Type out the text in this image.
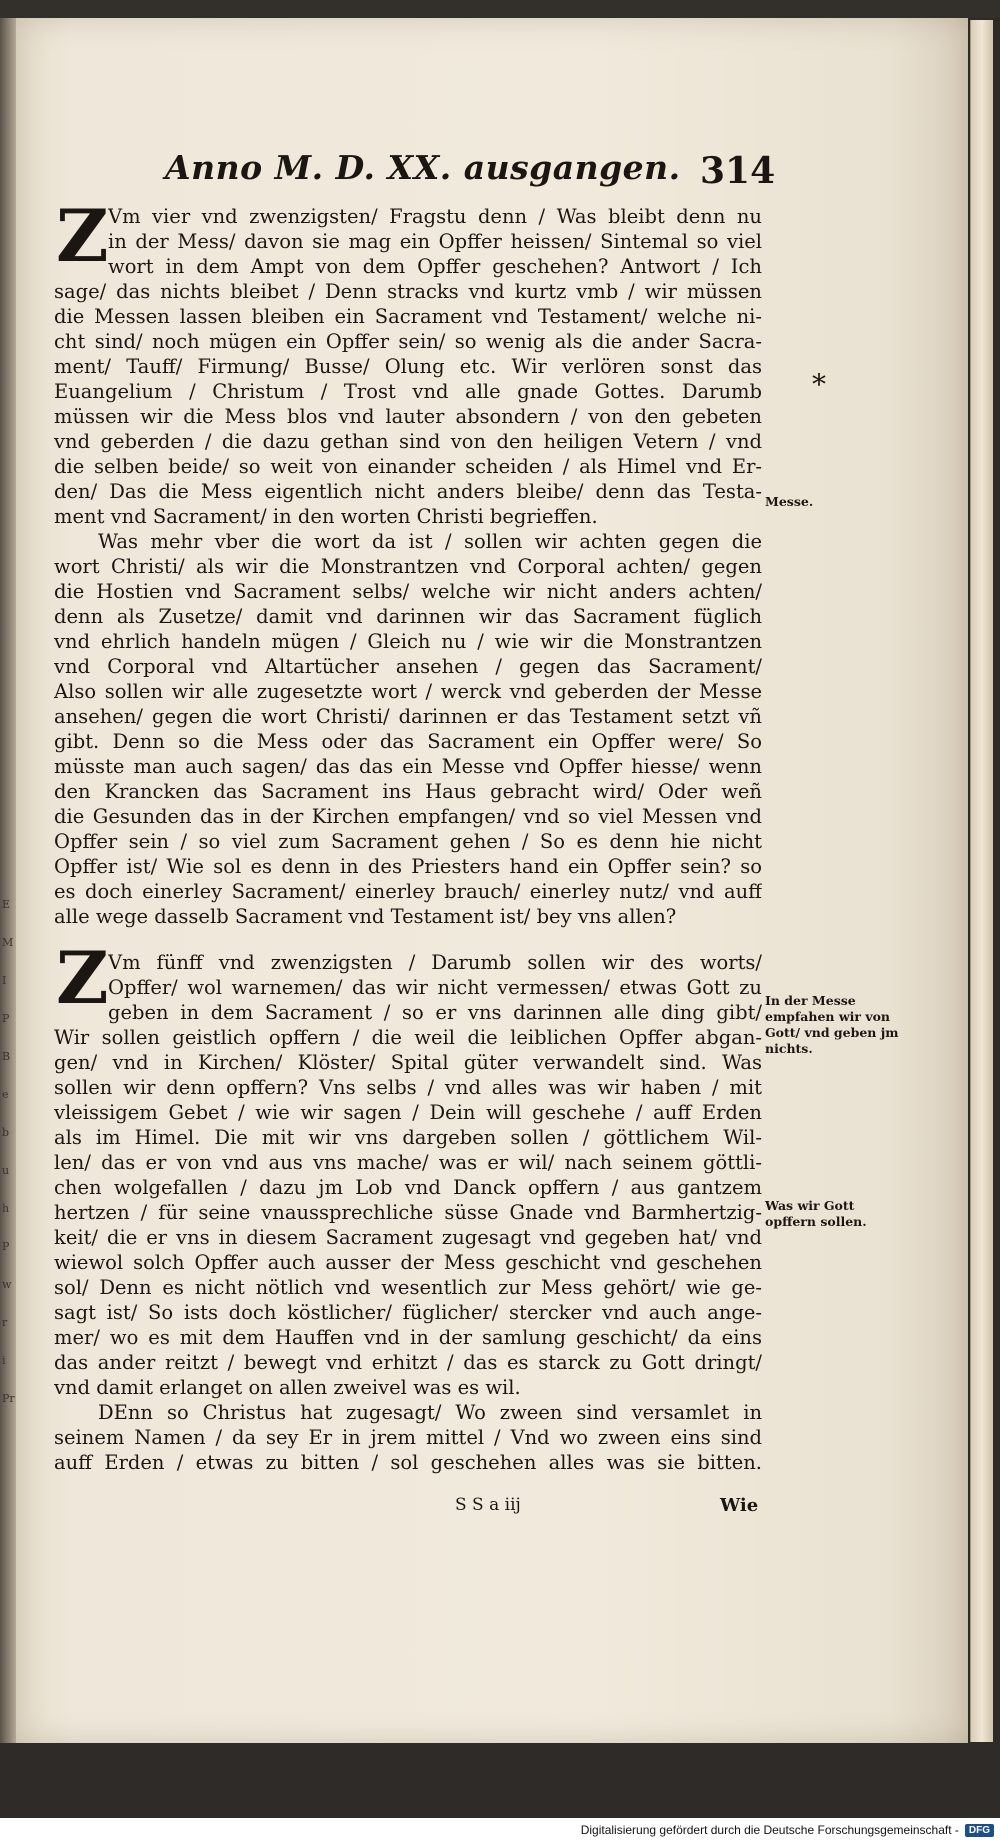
E
M
I
P
B
e
b
u
h
P
w
r
i
Pr
Anno M. D. XX. ausgangen. 314
Z Vm vier vnd zwenzigsten/ Fragstu denn / Was bleibt denn nu
in der Mess/ davon sie mag ein Opffer heissen/ Sintemal so viel
wort in dem Ampt von dem Opffer geschehen? Antwort / Ich
sage/ das nichts bleibet / Denn stracks vnd kurtz vmb / wir müssen
die Messen lassen bleiben ein Sacrament vnd Testament/ welche ni-
cht sind/ noch mügen ein Opffer sein/ so wenig als die ander Sacra-
ment/ Tauff/ Firmung/ Busse/ Olung etc. Wir verlören sonst das
Euangelium / Christum / Trost vnd alle gnade Gottes. Darumb
müssen wir die Mess blos vnd lauter absondern / von den gebeten
vnd geberden / die dazu gethan sind von den heiligen Vetern / vnd
die selben beide/ so weit von einander scheiden / als Himel vnd Er-
den/ Das die Mess eigentlich nicht anders bleibe/ denn das Testa-
ment vnd Sacrament/ in den worten Christi begrieffen.
Was mehr vber die wort da ist / sollen wir achten gegen die
wort Christi/ als wir die Monstrantzen vnd Corporal achten/ gegen
die Hostien vnd Sacrament selbs/ welche wir nicht anders achten/
denn als Zusetze/ damit vnd darinnen wir das Sacrament füglich
vnd ehrlich handeln mügen / Gleich nu / wie wir die Monstrantzen
vnd Corporal vnd Altartücher ansehen / gegen das Sacrament/
Also sollen wir alle zugesetzte wort / werck vnd geberden der Messe
ansehen/ gegen die wort Christi/ darinnen er das Testament setzt vñ
gibt. Denn so die Mess oder das Sacrament ein Opffer were/ So
müsste man auch sagen/ das das ein Messe vnd Opffer hiesse/ wenn
den Krancken das Sacrament ins Haus gebracht wird/ Oder weñ
die Gesunden das in der Kirchen empfangen/ vnd so viel Messen vnd
Opffer sein / so viel zum Sacrament gehen / So es denn hie nicht
Opffer ist/ Wie sol es denn in des Priesters hand ein Opffer sein? so
es doch einerley Sacrament/ einerley brauch/ einerley nutz/ vnd auff
alle wege dasselb Sacrament vnd Testament ist/ bey vns allen?
Z Vm fünff vnd zwenzigsten / Darumb sollen wir des worts/
Opffer/ wol warnemen/ das wir nicht vermessen/ etwas Gott zu
geben in dem Sacrament / so er vns darinnen alle ding gibt/
Wir sollen geistlich opffern / die weil die leiblichen Opffer abgan-
gen/ vnd in Kirchen/ Klöster/ Spital güter verwandelt sind. Was
sollen wir denn opffern? Vns selbs / vnd alles was wir haben / mit
vleissigem Gebet / wie wir sagen / Dein will geschehe / auff Erden
als im Himel. Die mit wir vns dargeben sollen / göttlichem Wil-
len/ das er von vnd aus vns mache/ was er wil/ nach seinem göttli-
chen wolgefallen / dazu jm Lob vnd Danck opffern / aus gantzem
hertzen / für seine vnaussprechliche süsse Gnade vnd Barmhertzig-
keit/ die er vns in diesem Sacrament zugesagt vnd gegeben hat/ vnd
wiewol solch Opffer auch ausser der Mess geschicht vnd geschehen
sol/ Denn es nicht nötlich vnd wesentlich zur Mess gehört/ wie ge-
sagt ist/ So ists doch köstlicher/ füglicher/ stercker vnd auch ange-
mer/ wo es mit dem Hauffen vnd in der samlung geschicht/ da eins
das ander reitzt / bewegt vnd erhitzt / das es starck zu Gott dringt/
vnd damit erlanget on allen zweivel was es wil.
DEnn so Christus hat zugesagt/ Wo zween sind versamlet in
seinem Namen / da sey Er in jrem mittel / Vnd wo zween eins sind
auff Erden / etwas zu bitten / sol geschehen alles was sie bitten.
*
Messe.
In der Messe empfahen wir von Gott/ vnd geben jm nichts.
Was wir Gott opffern sollen.
S S a iij	Wie
Digitalisierung gefördert durch die Deutsche Forschungsgemeinschaft -	DFG
